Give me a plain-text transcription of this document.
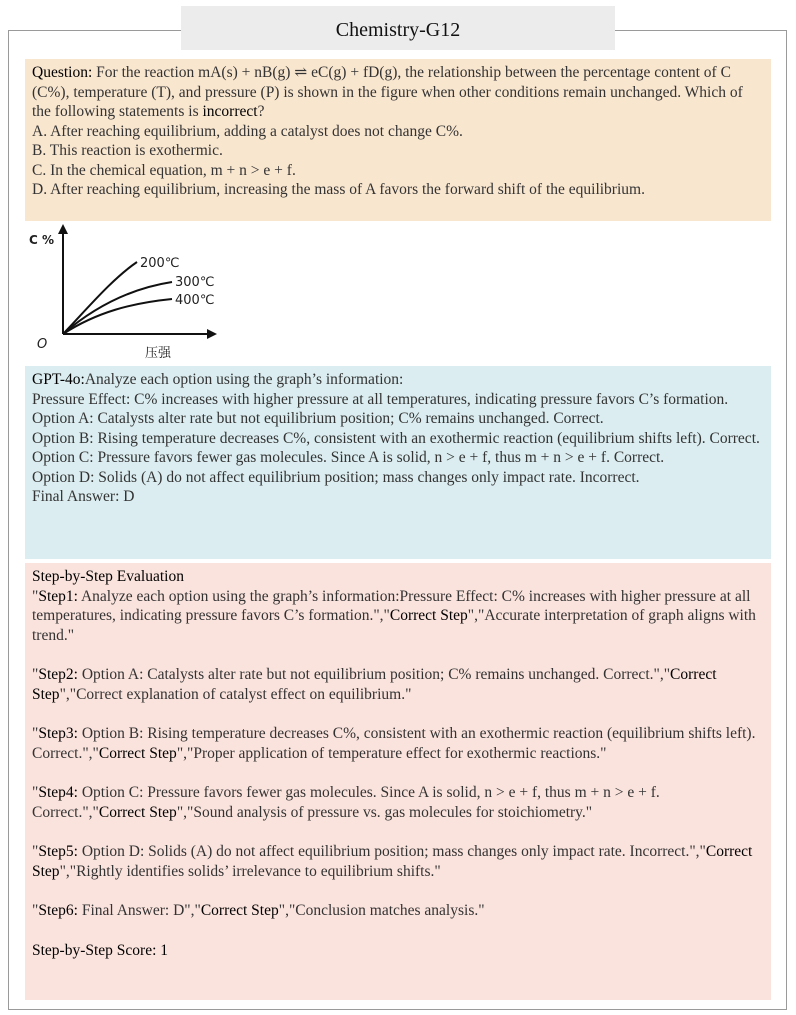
Chemistry-G12
Question: For the reaction mA(s) + nB(g) ⇌ eC(g) + fD(g), the relationship between the percentage content of C (C%), temperature (T), and pressure (P) is shown in the figure when other conditions remain unchanged. Which of the following statements is incorrect?
A. After reaching equilibrium, adding a catalyst does not change C%.
B. This reaction is exothermic.
C. In the chemical equation, m + n > e + f.
D. After reaching equilibrium, increasing the mass of A favors the forward shift of the equilibrium.
C %
O
压强
200℃
300℃
400℃
GPT-4o:Analyze each option using the graph’s information:
Pressure Effect: C% increases with higher pressure at all temperatures, indicating pressure favors C’s formation.
Option A: Catalysts alter rate but not equilibrium position; C% remains unchanged. Correct.
Option B: Rising temperature decreases C%, consistent with an exothermic reaction (equilibrium shifts left). Correct.
Option C: Pressure favors fewer gas molecules. Since A is solid, n > e + f, thus m + n > e + f. Correct.
Option D: Solids (A) do not affect equilibrium position; mass changes only impact rate. Incorrect.
Final Answer: D
Step-by-Step Evaluation
"Step1: Analyze each option using the graph’s information:Pressure Effect: C% increases with higher pressure at all temperatures, indicating pressure favors C’s formation.","Correct Step","Accurate interpretation of graph aligns with trend."
"Step2: Option A: Catalysts alter rate but not equilibrium position; C% remains unchanged. Correct.","Correct Step","Correct explanation of catalyst effect on equilibrium."
"Step3: Option B: Rising temperature decreases C%, consistent with an exothermic reaction (equilibrium shifts left). Correct.","Correct Step","Proper application of temperature effect for exothermic reactions."
"Step4: Option C: Pressure favors fewer gas molecules. Since A is solid, n > e + f, thus m + n > e + f. Correct.","Correct Step","Sound analysis of pressure vs. gas molecules for stoichiometry."
"Step5: Option D: Solids (A) do not affect equilibrium position; mass changes only impact rate. Incorrect.","Correct Step","Rightly identifies solids’ irrelevance to equilibrium shifts."
"Step6: Final Answer: D","Correct Step","Conclusion matches analysis."
Step-by-Step Score: 1
